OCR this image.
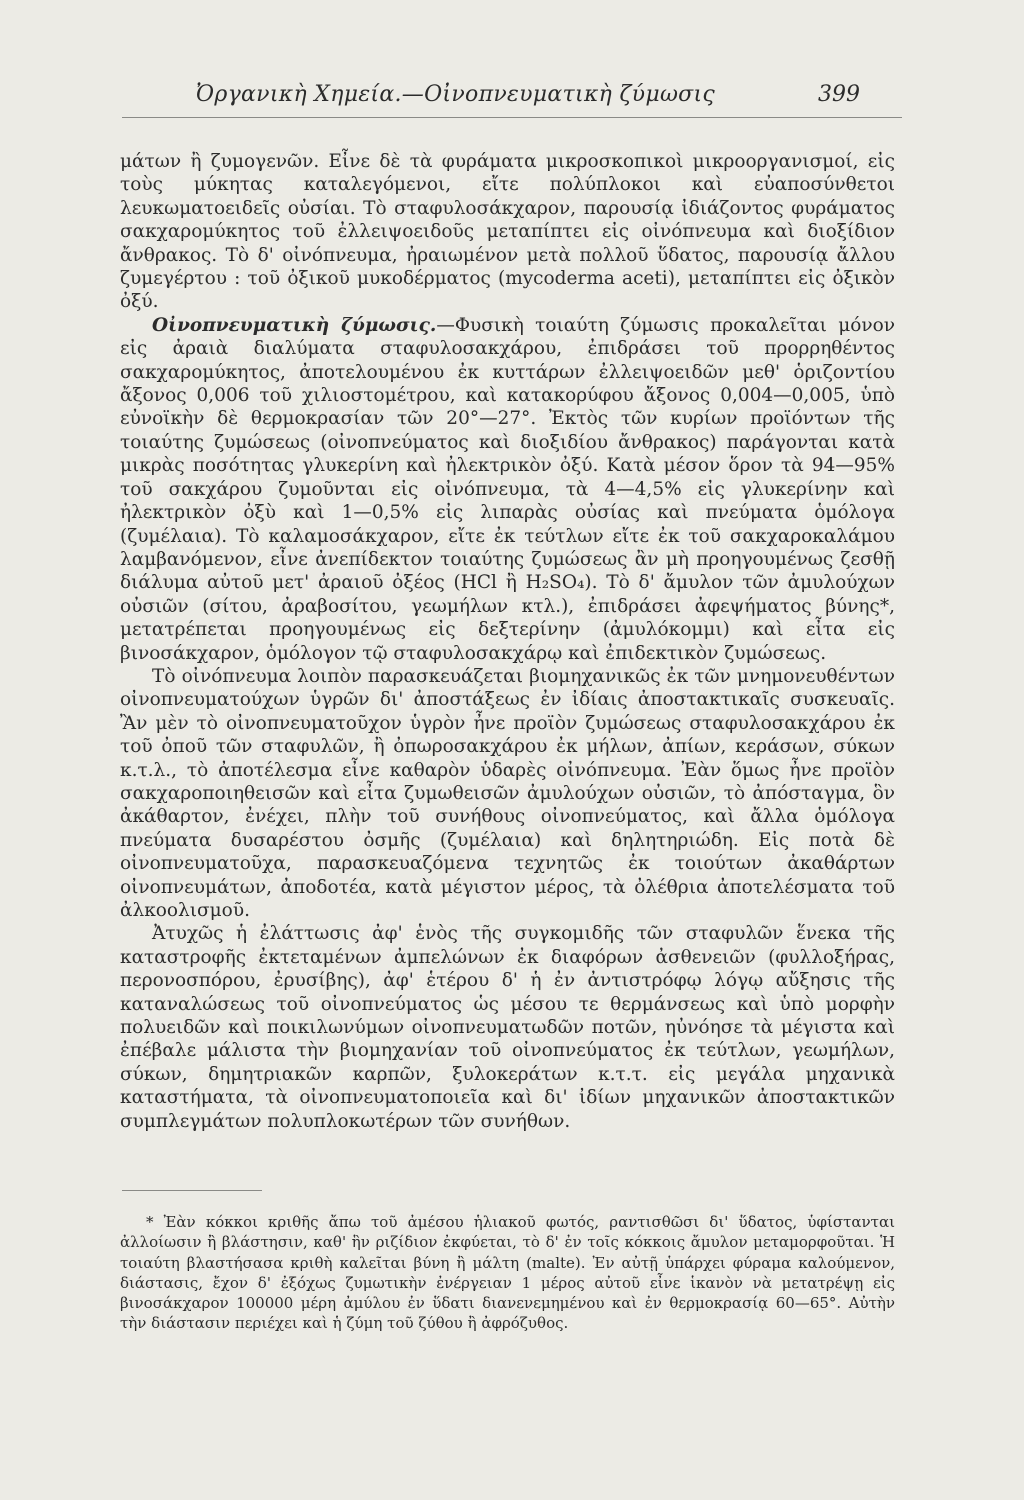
Ὀργανικὴ Χημεία.—Οἰνοπνευματικὴ ζύμωσις	399

μάτων ἢ ζυμογενῶν. Εἶνε δὲ τὰ φυράματα μικροσκοπικοὶ μικροοργανισμοί, εἰς τοὺς μύκητας καταλεγόμενοι, εἴτε πολύπλοκοι καὶ εὐαποσύνθετοι λευκωματοειδεῖς οὐσίαι. Τὸ σταφυλοσάκχαρον, παρουσίᾳ ἰδιάζοντος φυράματος σακχαρομύκητος τοῦ ἐλλειψοειδοῦς μεταπίπτει εἰς οἰνόπνευμα καὶ διοξίδιον ἄνθρακος. Τὸ δ' οἰνόπνευμα, ἠραιωμένον μετὰ πολλοῦ ὕδατος, παρουσίᾳ ἄλλου ζυμεγέρτου : τοῦ ὀξικοῦ μυκοδέρματος (mycoderma aceti), μεταπίπτει εἰς ὀξικὸν ὀξύ.

Οἰνοπνευματικὴ ζύμωσις.—Φυσικὴ τοιαύτη ζύμωσις προκαλεῖται μόνον εἰς ἀραιὰ διαλύματα σταφυλοσακχάρου, ἐπιδράσει τοῦ προρρηθέντος σακχαρομύκητος, ἀποτελουμένου ἐκ κυττάρων ἐλλειψοειδῶν μεθ' ὁριζοντίου ἄξονος 0,006 τοῦ χιλιοστομέτρου, καὶ κατακορύφου ἄξονος 0,004—0,005, ὑπὸ εὐνοϊκὴν δὲ θερμοκρασίαν τῶν 20°—27°. Ἐκτὸς τῶν κυρίων προϊόντων τῆς τοιαύτης ζυμώσεως (οἰνοπνεύματος καὶ διοξιδίου ἄνθρακος) παράγονται κατὰ μικρὰς ποσότητας γλυκερίνη καὶ ἠλεκτρικὸν ὀξύ. Κατὰ μέσον ὅρον τὰ 94—95% τοῦ σακχάρου ζυμοῦνται εἰς οἰνόπνευμα, τὰ 4—4,5% εἰς γλυκερίνην καὶ ἠλεκτρικὸν ὀξὺ καὶ 1—0,5% εἰς λιπαρὰς οὐσίας καὶ πνεύματα ὁμόλογα (ζυμέλαια). Τὸ καλαμοσάκχαρον, εἴτε ἐκ τεύτλων εἴτε ἐκ τοῦ σακχαροκαλάμου λαμβανόμενον, εἶνε ἀνεπίδεκτον τοιαύτης ζυμώσεως ἂν μὴ προηγουμένως ζεσθῇ διάλυμα αὐτοῦ μετ' ἀραιοῦ ὀξέος (HCl ἢ H₂SO₄). Τὸ δ' ἄμυλον τῶν ἀμυλούχων οὐσιῶν (σίτου, ἀραβοσίτου, γεωμήλων κτλ.), ἐπιδράσει ἀφεψήματος βύνης*, μετατρέπεται προηγουμένως εἰς δεξτερίνην (ἀμυλόκομμι) καὶ εἶτα εἰς βινοσάκχαρον, ὁμόλογον τῷ σταφυλοσακχάρῳ καὶ ἐπιδεκτικὸν ζυμώσεως.

Τὸ οἰνόπνευμα λοιπὸν παρασκευάζεται βιομηχανικῶς ἐκ τῶν μνημονευθέντων οἰνοπνευματούχων ὑγρῶν δι' ἀποστάξεως ἐν ἰδίαις ἀποστακτικαῖς συσκευαῖς. Ἂν μὲν τὸ οἰνοπνευματοῦχον ὑγρὸν ἦνε προϊὸν ζυμώσεως σταφυλοσακχάρου ἐκ τοῦ ὀποῦ τῶν σταφυλῶν, ἢ ὀπωροσακχάρου ἐκ μήλων, ἀπίων, κεράσων, σύκων κ.τ.λ., τὸ ἀποτέλεσμα εἶνε καθαρὸν ὑδαρὲς οἰνόπνευμα. Ἐὰν ὅμως ἦνε προϊὸν σακχαροποιηθεισῶν καὶ εἶτα ζυμωθεισῶν ἀμυλούχων οὐσιῶν, τὸ ἀπόσταγμα, ὃν ἀκάθαρτον, ἐνέχει, πλὴν τοῦ συνήθους οἰνοπνεύματος, καὶ ἄλλα ὁμόλογα πνεύματα δυσαρέστου ὀσμῆς (ζυμέλαια) καὶ δηλητηριώδη. Εἰς ποτὰ δὲ οἰνοπνευματοῦχα, παρασκευαζόμενα τεχνητῶς ἐκ τοιούτων ἀκαθάρτων οἰνοπνευμάτων, ἀποδοτέα, κατὰ μέγιστον μέρος, τὰ ὀλέθρια ἀποτελέσματα τοῦ ἀλκοολισμοῦ.

Ἀτυχῶς ἡ ἐλάττωσις ἀφ' ἑνὸς τῆς συγκομιδῆς τῶν σταφυλῶν ἕνεκα τῆς καταστροφῆς ἐκτεταμένων ἀμπελώνων ἐκ διαφόρων ἀσθενειῶν (φυλλοξήρας, περονοσπόρου, ἐρυσίβης), ἀφ' ἑτέρου δ' ἡ ἐν ἀντιστρόφῳ λόγῳ αὔξησις τῆς καταναλώσεως τοῦ οἰνοπνεύματος ὡς μέσου τε θερμάνσεως καὶ ὑπὸ μορφὴν πολυειδῶν καὶ ποικιλωνύμων οἰνοπνευματωδῶν ποτῶν, ηὐνόησε τὰ μέγιστα καὶ ἐπέβαλε μάλιστα τὴν βιομηχανίαν τοῦ οἰνοπνεύματος ἐκ τεύτλων, γεωμήλων, σύκων, δημητριακῶν καρπῶν, ξυλοκεράτων κ.τ.τ. εἰς μεγάλα μηχανικὰ καταστήματα, τὰ οἰνοπνευματοποιεῖα καὶ δι' ἰδίων μηχανικῶν ἀποστακτικῶν συμπλεγμάτων πολυπλοκωτέρων τῶν συνήθων.

* Ἐὰν κόκκοι κριθῆς ἄπω τοῦ ἀμέσου ἡλιακοῦ φωτός, ραντισθῶσι δι' ὕδατος, ὑφίστανται ἀλλοίωσιν ἢ βλάστησιν, καθ' ἣν ριζίδιον ἐκφύεται, τὸ δ' ἐν τοῖς κόκκοις ἄμυλον μεταμορφοῦται. Ἡ τοιαύτη βλαστήσασα κριθὴ καλεῖται βύνη ἢ μάλτη (malte). Ἐν αὐτῇ ὑπάρχει φύραμα καλούμενον, διάστασις, ἔχον δ' ἐξόχως ζυμωτικὴν ἐνέργειαν 1 μέρος αὐτοῦ εἶνε ἱκανὸν νὰ μετατρέψῃ εἰς βινοσάκχαρον 100000 μέρη ἀμύλου ἐν ὕδατι διανενεμημένου καὶ ἐν θερμοκρασίᾳ 60—65°. Αὐτὴν τὴν διάστασιν περιέχει καὶ ἡ ζύμη τοῦ ζύθου ἢ ἀφρόζυθος.
